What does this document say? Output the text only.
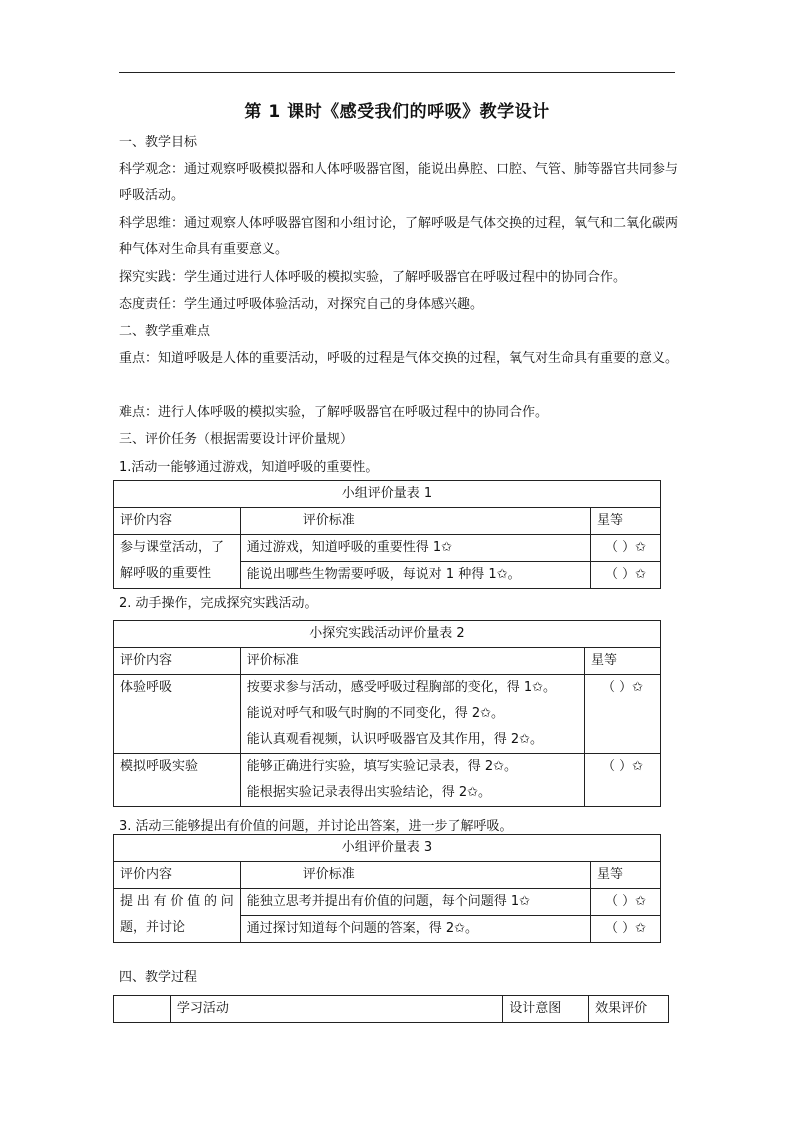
第 1 课时《感受我们的呼吸》教学设计
一、教学目标
科学观念：通过观察呼吸模拟器和人体呼吸器官图，能说出鼻腔、口腔、气管、肺等器官共同参与呼吸活动。
科学思维：通过观察人体呼吸器官图和小组讨论，了解呼吸是气体交换的过程，氧气和二氧化碳两种气体对生命具有重要意义。
探究实践：学生通过进行人体呼吸的模拟实验，了解呼吸器官在呼吸过程中的协同合作。
态度责任：学生通过呼吸体验活动，对探究自己的身体感兴趣。
二、教学重难点
重点：知道呼吸是人体的重要活动，呼吸的过程是气体交换的过程，氧气对生命具有重要的意义。
难点：进行人体呼吸的模拟实验，了解呼吸器官在呼吸过程中的协同合作。
三、评价任务（根据需要设计评价量规）
1.活动一能够通过游戏，知道呼吸的重要性。
小组评价量表 1		
评价内容	评价标准	星等
参与课堂活动，了解呼吸的重要性	通过游戏，知道呼吸的重要性得 1✩	（ ）✩
	能说出哪些生物需要呼吸，每说对 1 种得 1✩。	（ ）✩
2. 动手操作，完成探究实践活动。
小探究实践活动评价量表 2		
评价内容	评价标准	星等
体验呼吸	按要求参与活动，感受呼吸过程胸部的变化，得 1✩。
能说对呼气和吸气时胸的不同变化，得 2✩。
能认真观看视频，认识呼吸器官及其作用，得 2✩。	（ ）✩
模拟呼吸实验	能够正确进行实验，填写实验记录表，得 2✩。
能根据实验记录表得出实验结论，得 2✩。	（ ）✩
3. 活动三能够提出有价值的问题，并讨论出答案，进一步了解呼吸。
小组评价量表 3		
评价内容	评价标准	星等
提出有价值的问题，并讨论	能独立思考并提出有价值的问题，每个问题得 1✩	（ ）✩
	通过探讨知道每个问题的答案，得 2✩。	（ ）✩
四、教学过程
	学习活动	设计意图	效果评价
